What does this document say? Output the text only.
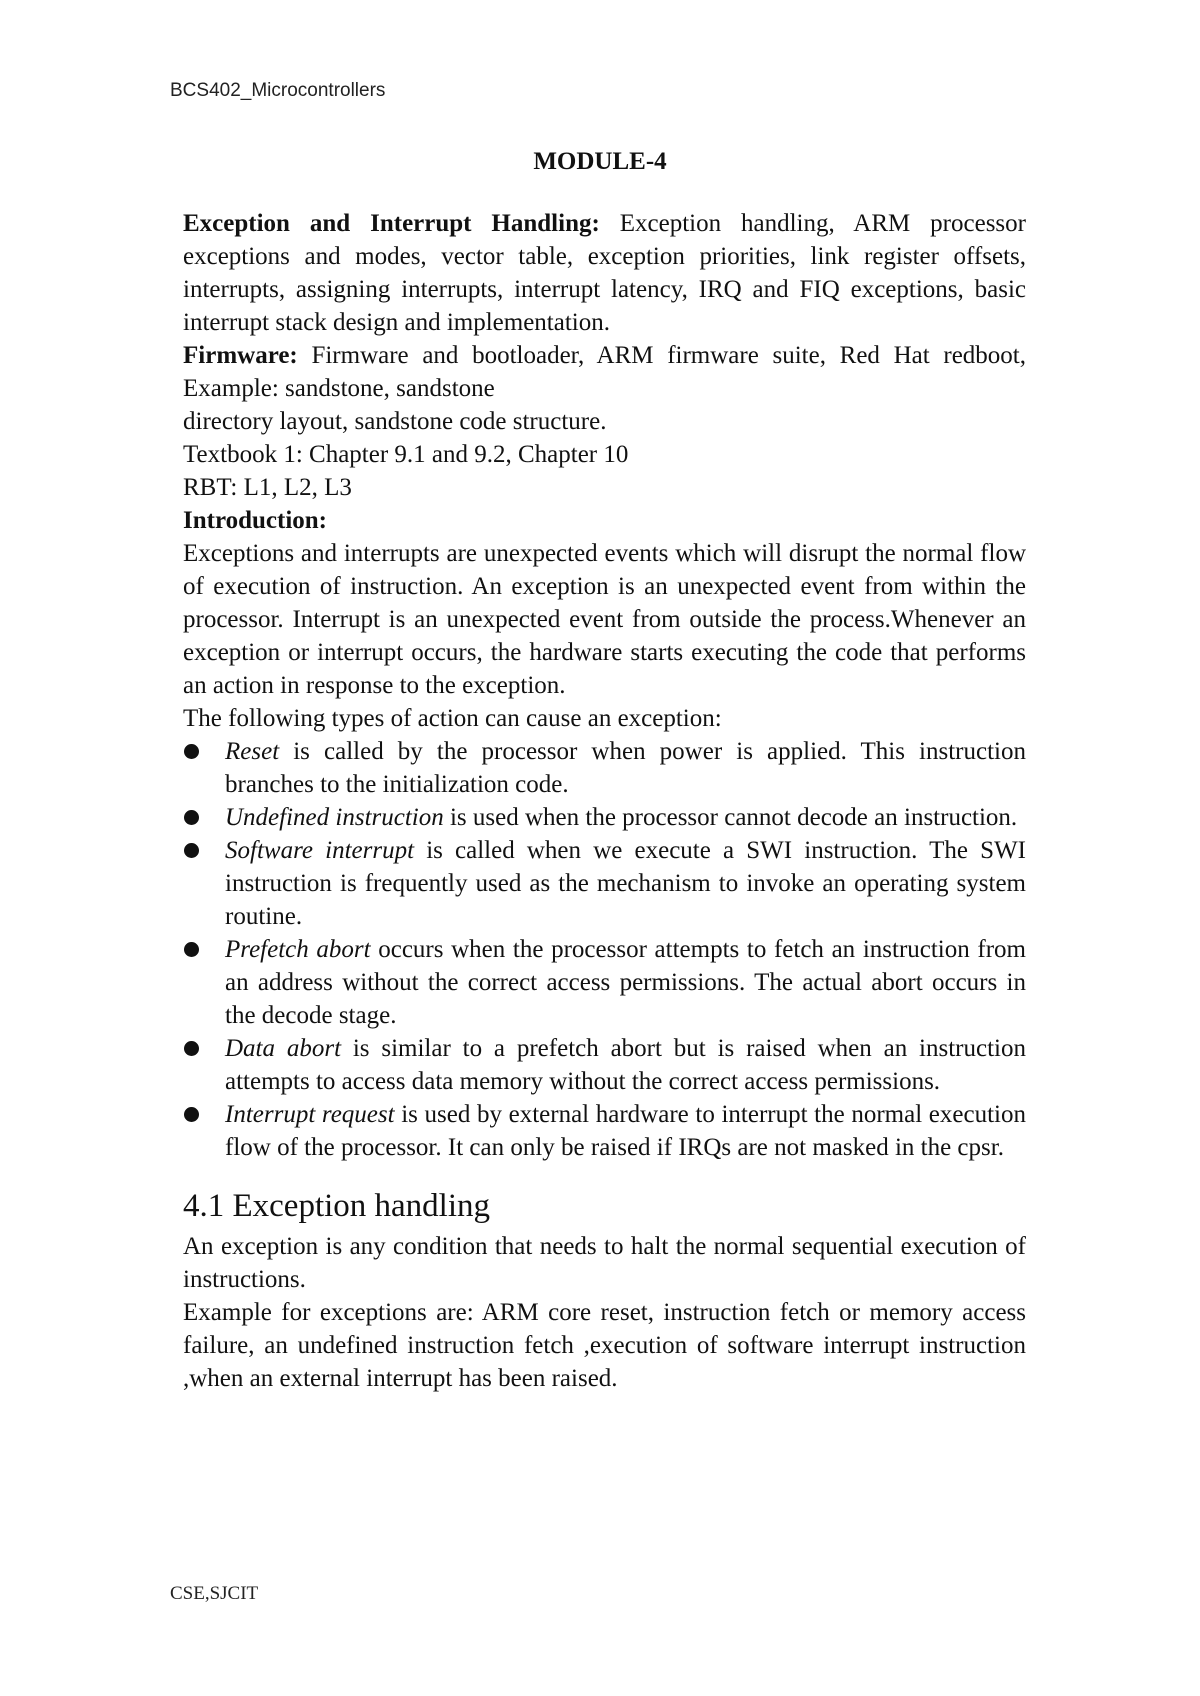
BCS402_Microcontrollers
MODULE-4

Exception and Interrupt Handling: Exception handling, ARM processor exceptions and modes, vector table, exception priorities, link register offsets, interrupts, assigning interrupts, interrupt latency, IRQ and FIQ exceptions, basic interrupt stack design and implementation.

Firmware: Firmware and bootloader, ARM firmware suite, Red Hat redboot, Example: sandstone, sandstone

directory layout, sandstone code structure.

Textbook 1: Chapter 9.1 and 9.2, Chapter 10

RBT: L1, L2, L3

Introduction:

Exceptions and interrupts are unexpected events which will disrupt the normal flow of execution of instruction. An exception is an unexpected event from within the processor. Interrupt is an unexpected event from outside the process.Whenever an exception or interrupt occurs, the hardware starts executing the code that performs an action in response to the exception.

The following types of action can cause an exception:

Reset is called by the processor when power is applied. This instruction branches to the initialization code.
Undefined instruction is used when the processor cannot decode an instruction.
Software interrupt is called when we execute a SWI instruction. The SWI instruction is frequently used as the mechanism to invoke an operating system routine.
Prefetch abort occurs when the processor attempts to fetch an instruction from an address without the correct access permissions. The actual abort occurs in the decode stage.
Data abort is similar to a prefetch abort but is raised when an instruction attempts to access data memory without the correct access permissions.
Interrupt request is used by external hardware to interrupt the normal execution flow of the processor. It can only be raised if IRQs are not masked in the cpsr.
4.1 Exception handling

An exception is any condition that needs to halt the normal sequential execution of instructions.

Example for exceptions are: ARM core reset, instruction fetch or memory access failure, an undefined instruction fetch ,execution of software interrupt instruction ,when an external interrupt has been raised.

CSE,SJCIT
